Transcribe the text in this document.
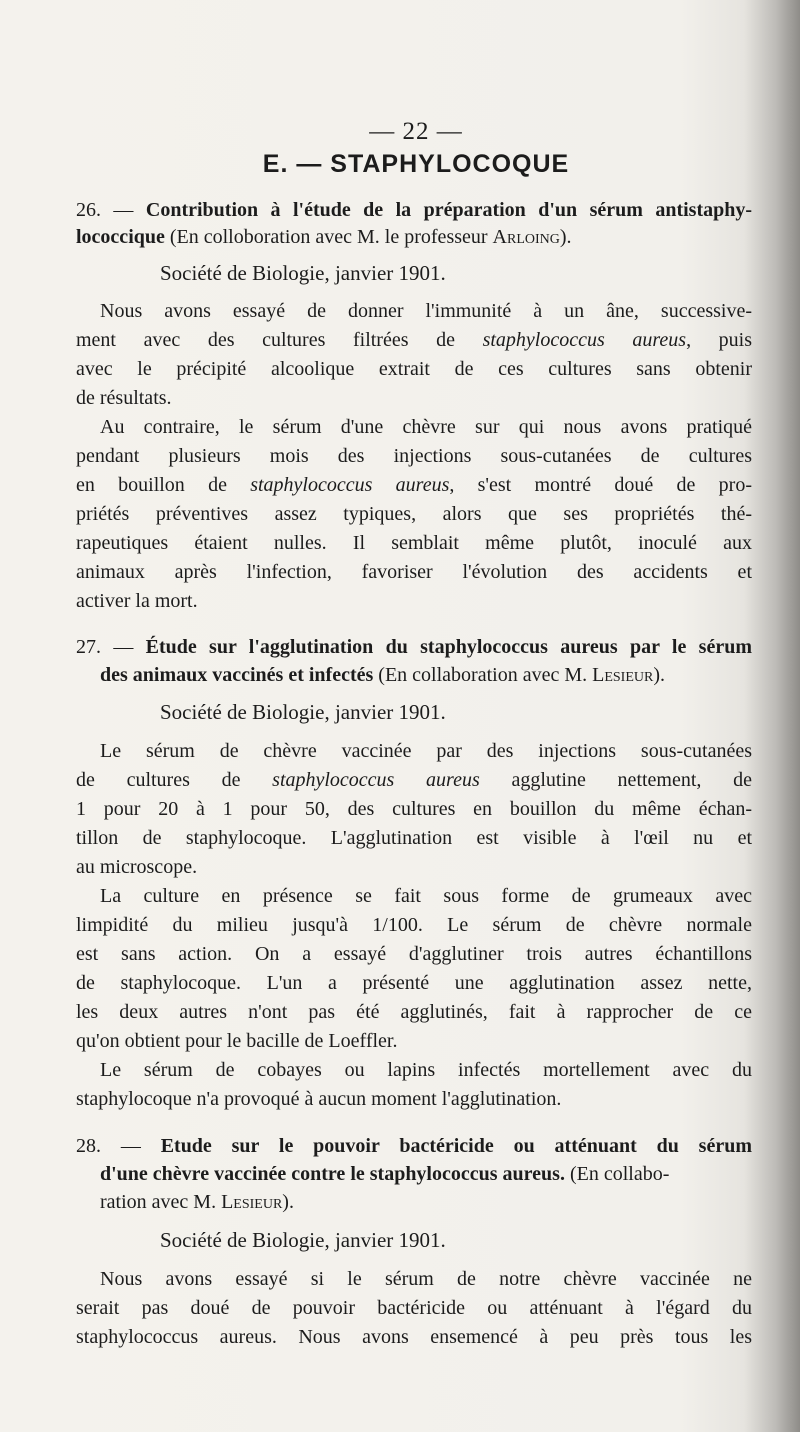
— 22 —
E. — STAPHYLOCOQUE
26. — Contribution à l'étude de la préparation d'un sérum antistaphy-
lococcique (En colloboration avec M. le professeur Arloing).
Société de Biologie, janvier 1901.
Nous avons essayé de donner l'immunité à un âne, successive-
ment avec des cultures filtrées de staphylococcus aureus, puis
avec le précipité alcoolique extrait de ces cultures sans obtenir
de résultats.
Au contraire, le sérum d'une chèvre sur qui nous avons pratiqué
pendant plusieurs mois des injections sous-cutanées de cultures
en bouillon de staphylococcus aureus, s'est montré doué de pro-
priétés préventives assez typiques, alors que ses propriétés thé-
rapeutiques étaient nulles. Il semblait même plutôt, inoculé aux
animaux après l'infection, favoriser l'évolution des accidents et
activer la mort.
27. — Étude sur l'agglutination du staphylococcus aureus par le sérum
des animaux vaccinés et infectés (En collaboration avec M. Lesieur).
Société de Biologie, janvier 1901.
Le sérum de chèvre vaccinée par des injections sous-cutanées
de cultures de staphylococcus aureus agglutine nettement, de
1 pour 20 à 1 pour 50, des cultures en bouillon du même échan-
tillon de staphylocoque. L'agglutination est visible à l'œil nu et
au microscope.
La culture en présence se fait sous forme de grumeaux avec
limpidité du milieu jusqu'à 1/100. Le sérum de chèvre normale
est sans action. On a essayé d'agglutiner trois autres échantillons
de staphylocoque. L'un a présenté une agglutination assez nette,
les deux autres n'ont pas été agglutinés, fait à rapprocher de ce
qu'on obtient pour le bacille de Loeffler.
Le sérum de cobayes ou lapins infectés mortellement avec du
staphylocoque n'a provoqué à aucun moment l'agglutination.
28. — Etude sur le pouvoir bactéricide ou atténuant du sérum
d'une chèvre vaccinée contre le staphylococcus aureus. (En collabo-
ration avec M. Lesieur).
Société de Biologie, janvier 1901.
Nous avons essayé si le sérum de notre chèvre vaccinée ne
serait pas doué de pouvoir bactéricide ou atténuant à l'égard du
staphylococcus aureus. Nous avons ensemencé à peu près tous les
